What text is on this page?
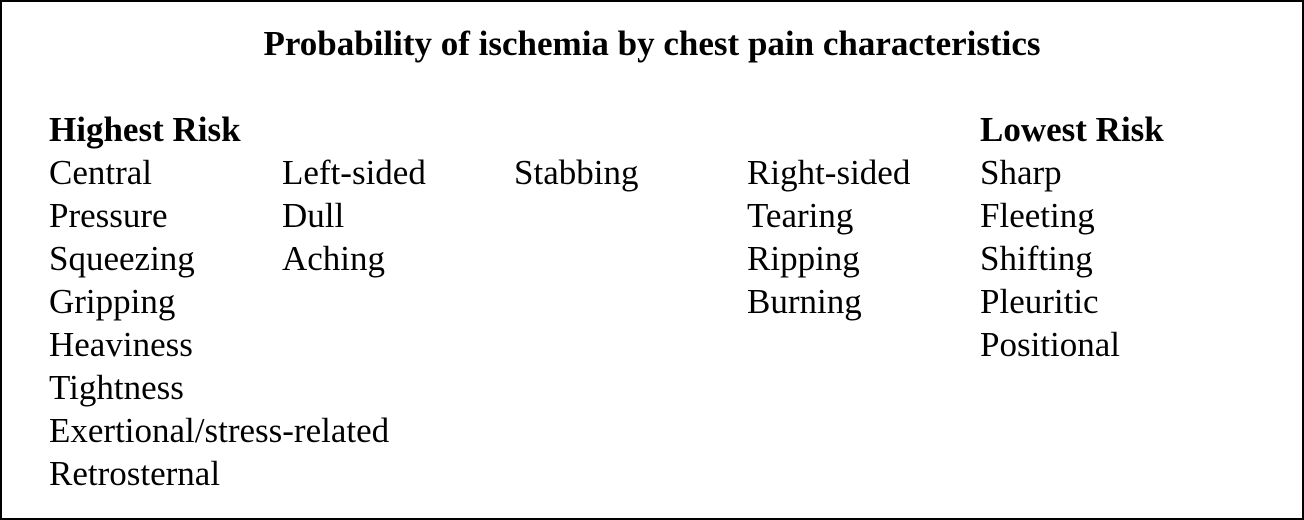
Probability of ischemia by chest pain characteristics
Highest Risk
Central
Pressure
Squeezing
Gripping
Heaviness
Tightness
Exertional/stress-related
Retrosternal
Left-sided
Dull
Aching
Stabbing	Right-sided
Tearing
Ripping
Burning
Lowest Risk
Sharp
Fleeting
Shifting
Pleuritic
Positional
